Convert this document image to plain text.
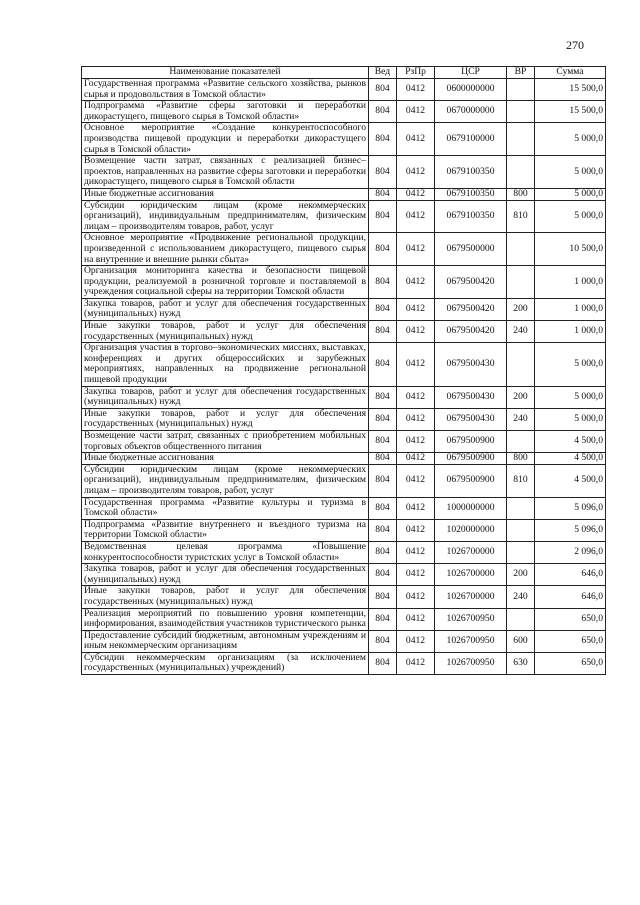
270
Наименование показателей	Вед	РзПр	ЦСР	ВР	Сумма
Государственная программа «Развитие сельского хозяйства, рынков сырья и продовольствия в Томской области»	804	0412	0600000000		15 500,0
Подпрограмма «Развитие сферы заготовки и переработки дикорастущего, пищевого сырья в Томской области»	804	0412	0670000000		15 500,0
Основное мероприятие «Создание конкурентоспособного производства пищевой продукции и переработки дикорастущего сырья в Томской области»	804	0412	0679100000		5 000,0
Возмещение части затрат, связанных с реализацией бизнес–проектов, направленных на развитие сферы заготовки и переработки дикорастущего, пищевого сырья в Томской области	804	0412	0679100350		5 000,0
Иные бюджетные ассигнования	804	0412	0679100350	800	5 000,0
Субсидии юридическим лицам (кроме некоммерческих организаций), индивидуальным предпринимателям, физическим лицам – производителям товаров, работ, услуг	804	0412	0679100350	810	5 000,0
Основное мероприятие «Продвижение региональной продукции, произведенной с использованием дикорастущего, пищевого сырья на внутренние и внешние рынки сбыта»	804	0412	0679500000		10 500,0
Организация мониторинга качества и безопасности пищевой продукции, реализуемой в розничной торговле и поставляемой в учреждения социальной сферы на территории Томской области	804	0412	0679500420		1 000,0
Закупка товаров, работ и услуг для обеспечения государственных (муниципальных) нужд	804	0412	0679500420	200	1 000,0
Иные закупки товаров, работ и услуг для обеспечения государственных (муниципальных) нужд	804	0412	0679500420	240	1 000,0
Организация участия в торгово–экономических миссиях, выставках, конференциях и других общероссийских и зарубежных мероприятиях, направленных на продвижение региональной пищевой продукции	804	0412	0679500430		5 000,0
Закупка товаров, работ и услуг для обеспечения государственных (муниципальных) нужд	804	0412	0679500430	200	5 000,0
Иные закупки товаров, работ и услуг для обеспечения государственных (муниципальных) нужд	804	0412	0679500430	240	5 000,0
Возмещение части затрат, связанных с приобретением мобильных торговых объектов общественного питания	804	0412	0679500900		4 500,0
Иные бюджетные ассигнования	804	0412	0679500900	800	4 500,0
Субсидии юридическим лицам (кроме некоммерческих организаций), индивидуальным предпринимателям, физическим лицам – производителям товаров, работ, услуг	804	0412	0679500900	810	4 500,0
Государственная программа «Развитие культуры и туризма в Томской области»	804	0412	1000000000		5 096,0
Подпрограмма «Развитие внутреннего и въездного туризма на территории Томской области»	804	0412	1020000000		5 096,0
Ведомственная целевая программа «Повышение конкурентоспособности туристских услуг в Томской области»	804	0412	1026700000		2 096,0
Закупка товаров, работ и услуг для обеспечения государственных (муниципальных) нужд	804	0412	1026700000	200	646,0
Иные закупки товаров, работ и услуг для обеспечения государственных (муниципальных) нужд	804	0412	1026700000	240	646,0
Реализация мероприятий по повышению уровня компетенции, информирования, взаимодействия участников туристического рынка	804	0412	1026700950		650,0
Предоставление субсидий бюджетным, автономным учреждениям и иным некоммерческим организациям	804	0412	1026700950	600	650,0
Субсидии некоммерческим организациям (за исключением государственных (муниципальных) учреждений)	804	0412	1026700950	630	650,0
